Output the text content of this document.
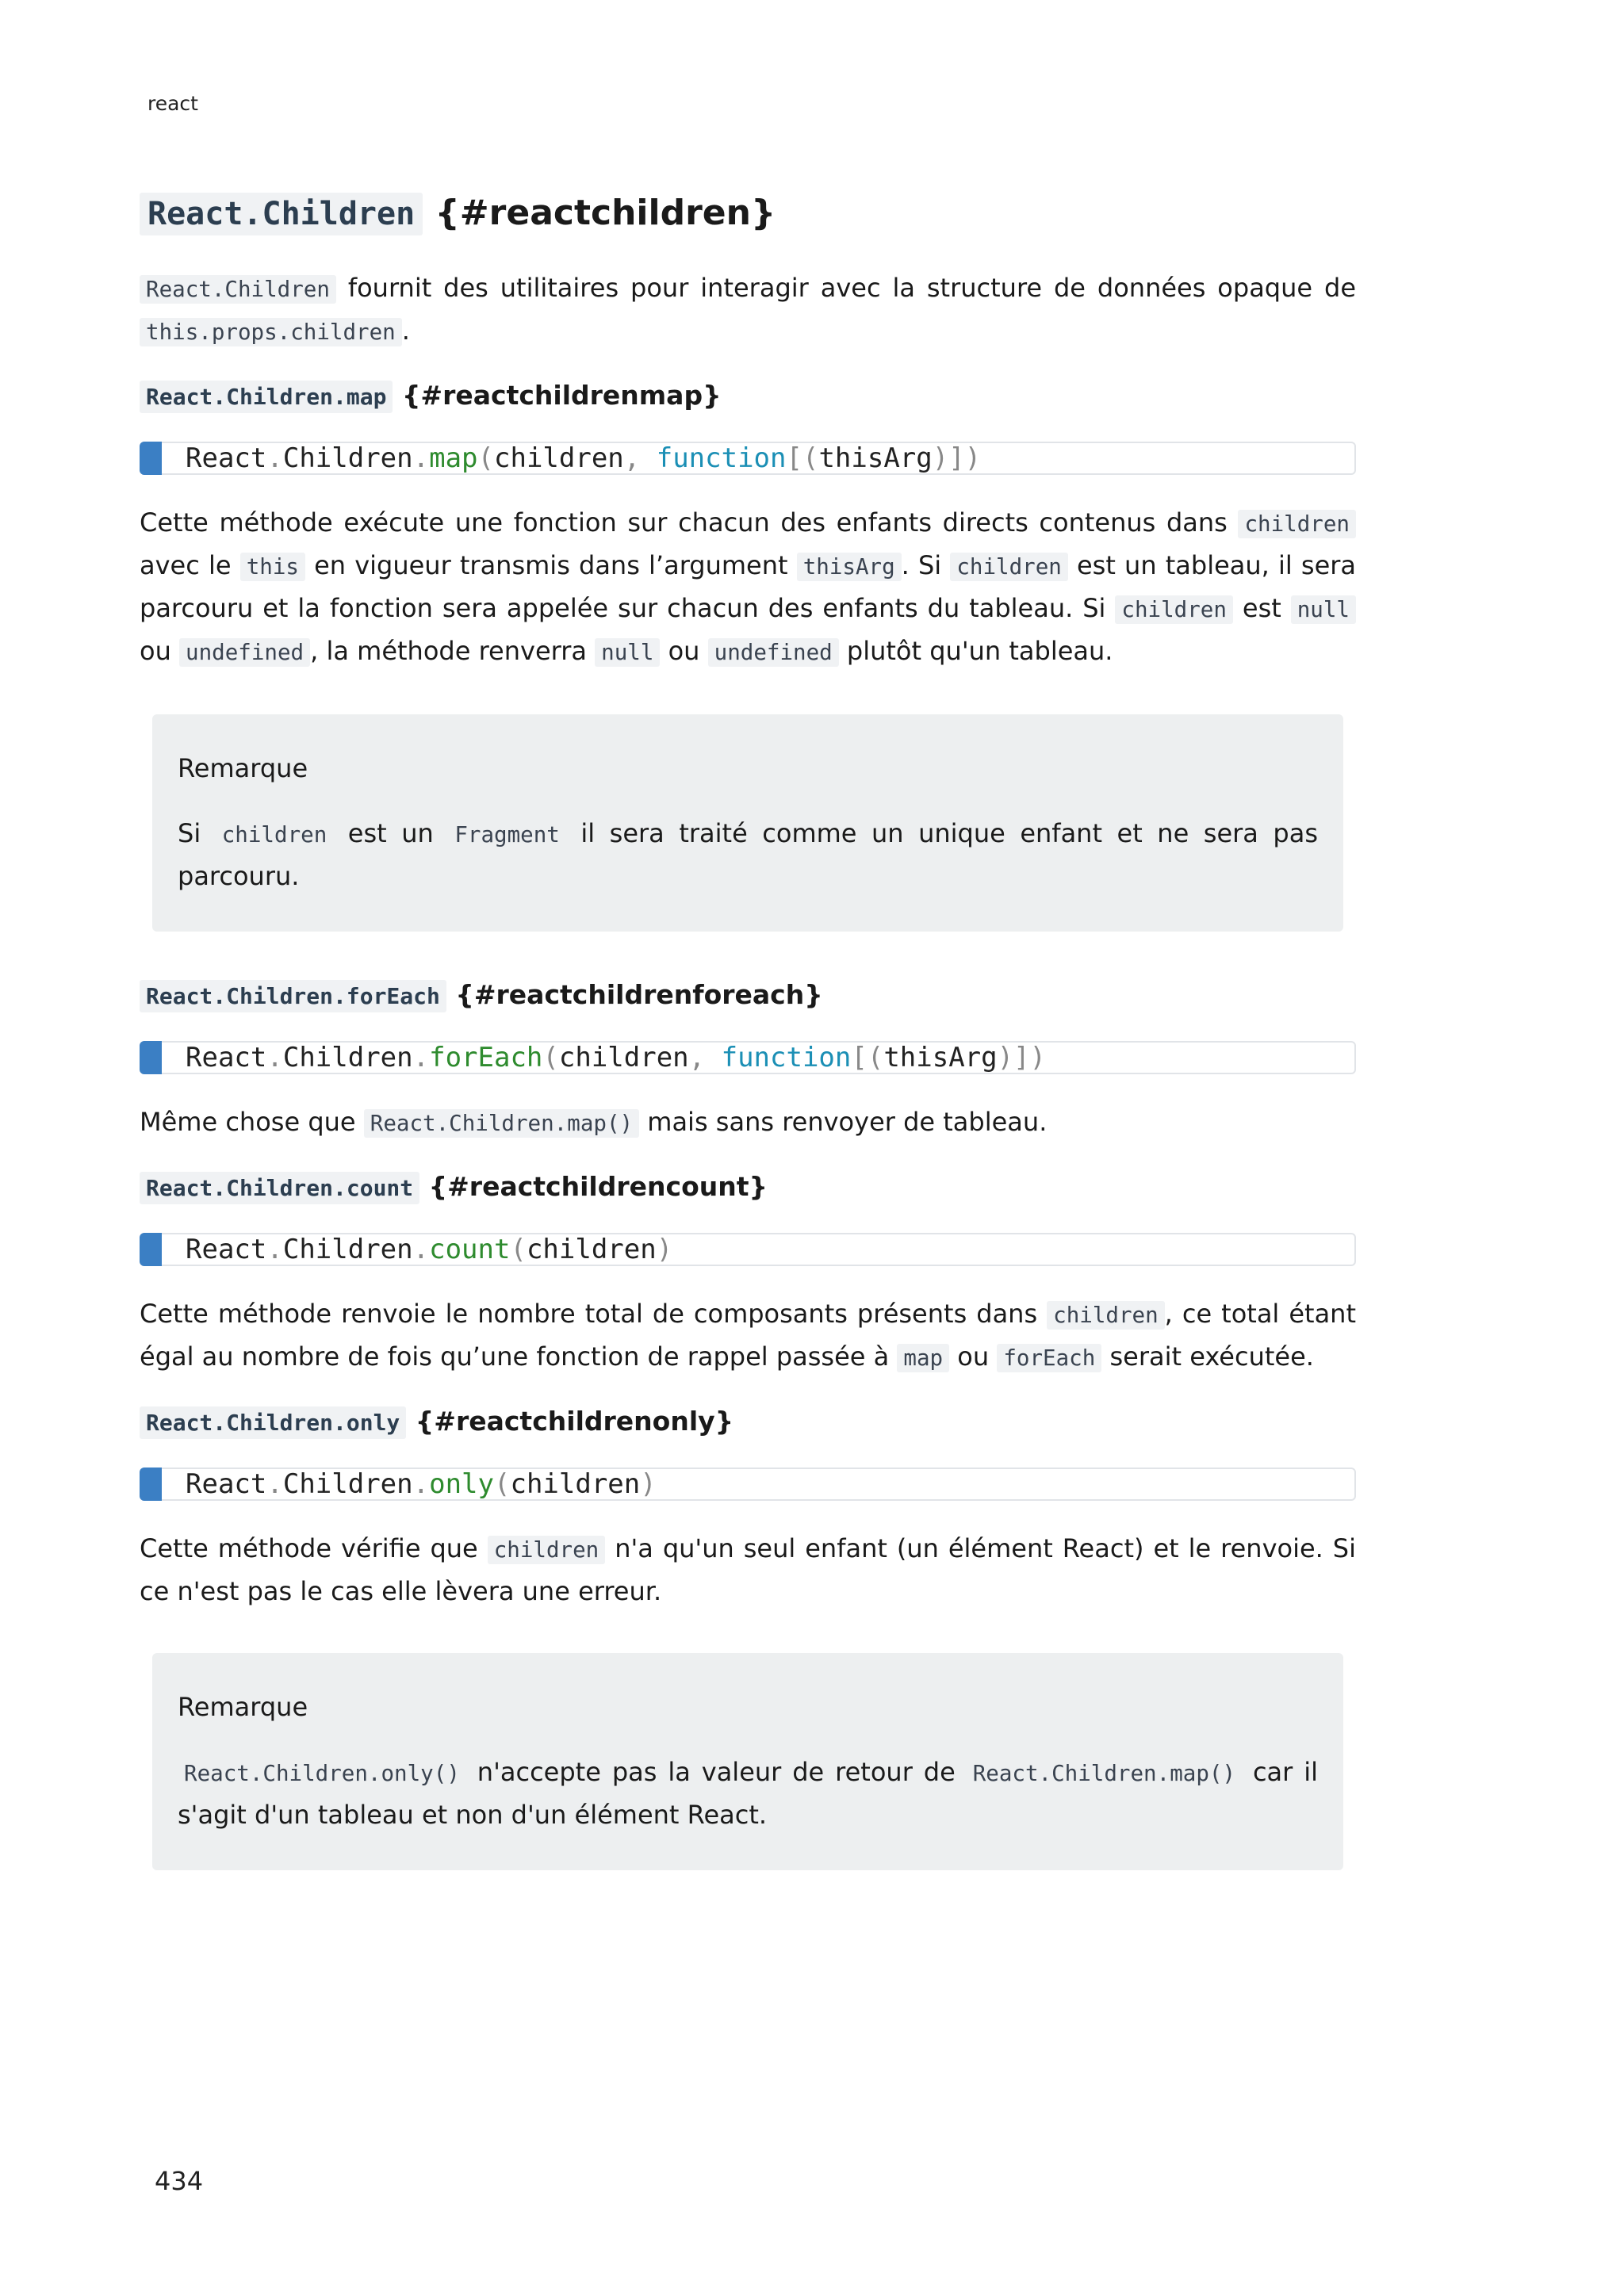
react
React.Children {#reactchildren}

React.Children fournit des utilitaires pour interagir avec la structure de données opaque de this.props.children .

React.Children.map {#reactchildrenmap}
React.Children.map(children, function[(thisArg)])

Cette méthode exécute une fonction sur chacun des enfants directs contenus dans children avec le this en vigueur transmis dans l’argument thisArg . Si children est un tableau, il sera parcouru et la fonction sera appelée sur chacun des enfants du tableau. Si children est null ou undefined , la méthode renverra null ou undefined plutôt qu'un tableau.

Remarque

Si children est un Fragment il sera traité comme un unique enfant et ne sera pas parcouru.

React.Children.forEach {#reactchildrenforeach}
React.Children.forEach(children, function[(thisArg)])

Même chose que React.Children.map() mais sans renvoyer de tableau.

React.Children.count {#reactchildrencount}
React.Children.count(children)

Cette méthode renvoie le nombre total de composants présents dans children , ce total étant égal au nombre de fois qu’une fonction de rappel passée à map ou forEach serait exécutée.

React.Children.only {#reactchildrenonly}
React.Children.only(children)

Cette méthode vérifie que children n'a qu'un seul enfant (un élément React) et le renvoie. Si ce n'est pas le cas elle lèvera une erreur.

Remarque

React.Children.only() n'accepte pas la valeur de retour de React.Children.map() car il s'agit d'un tableau et non d'un élément React.

434
